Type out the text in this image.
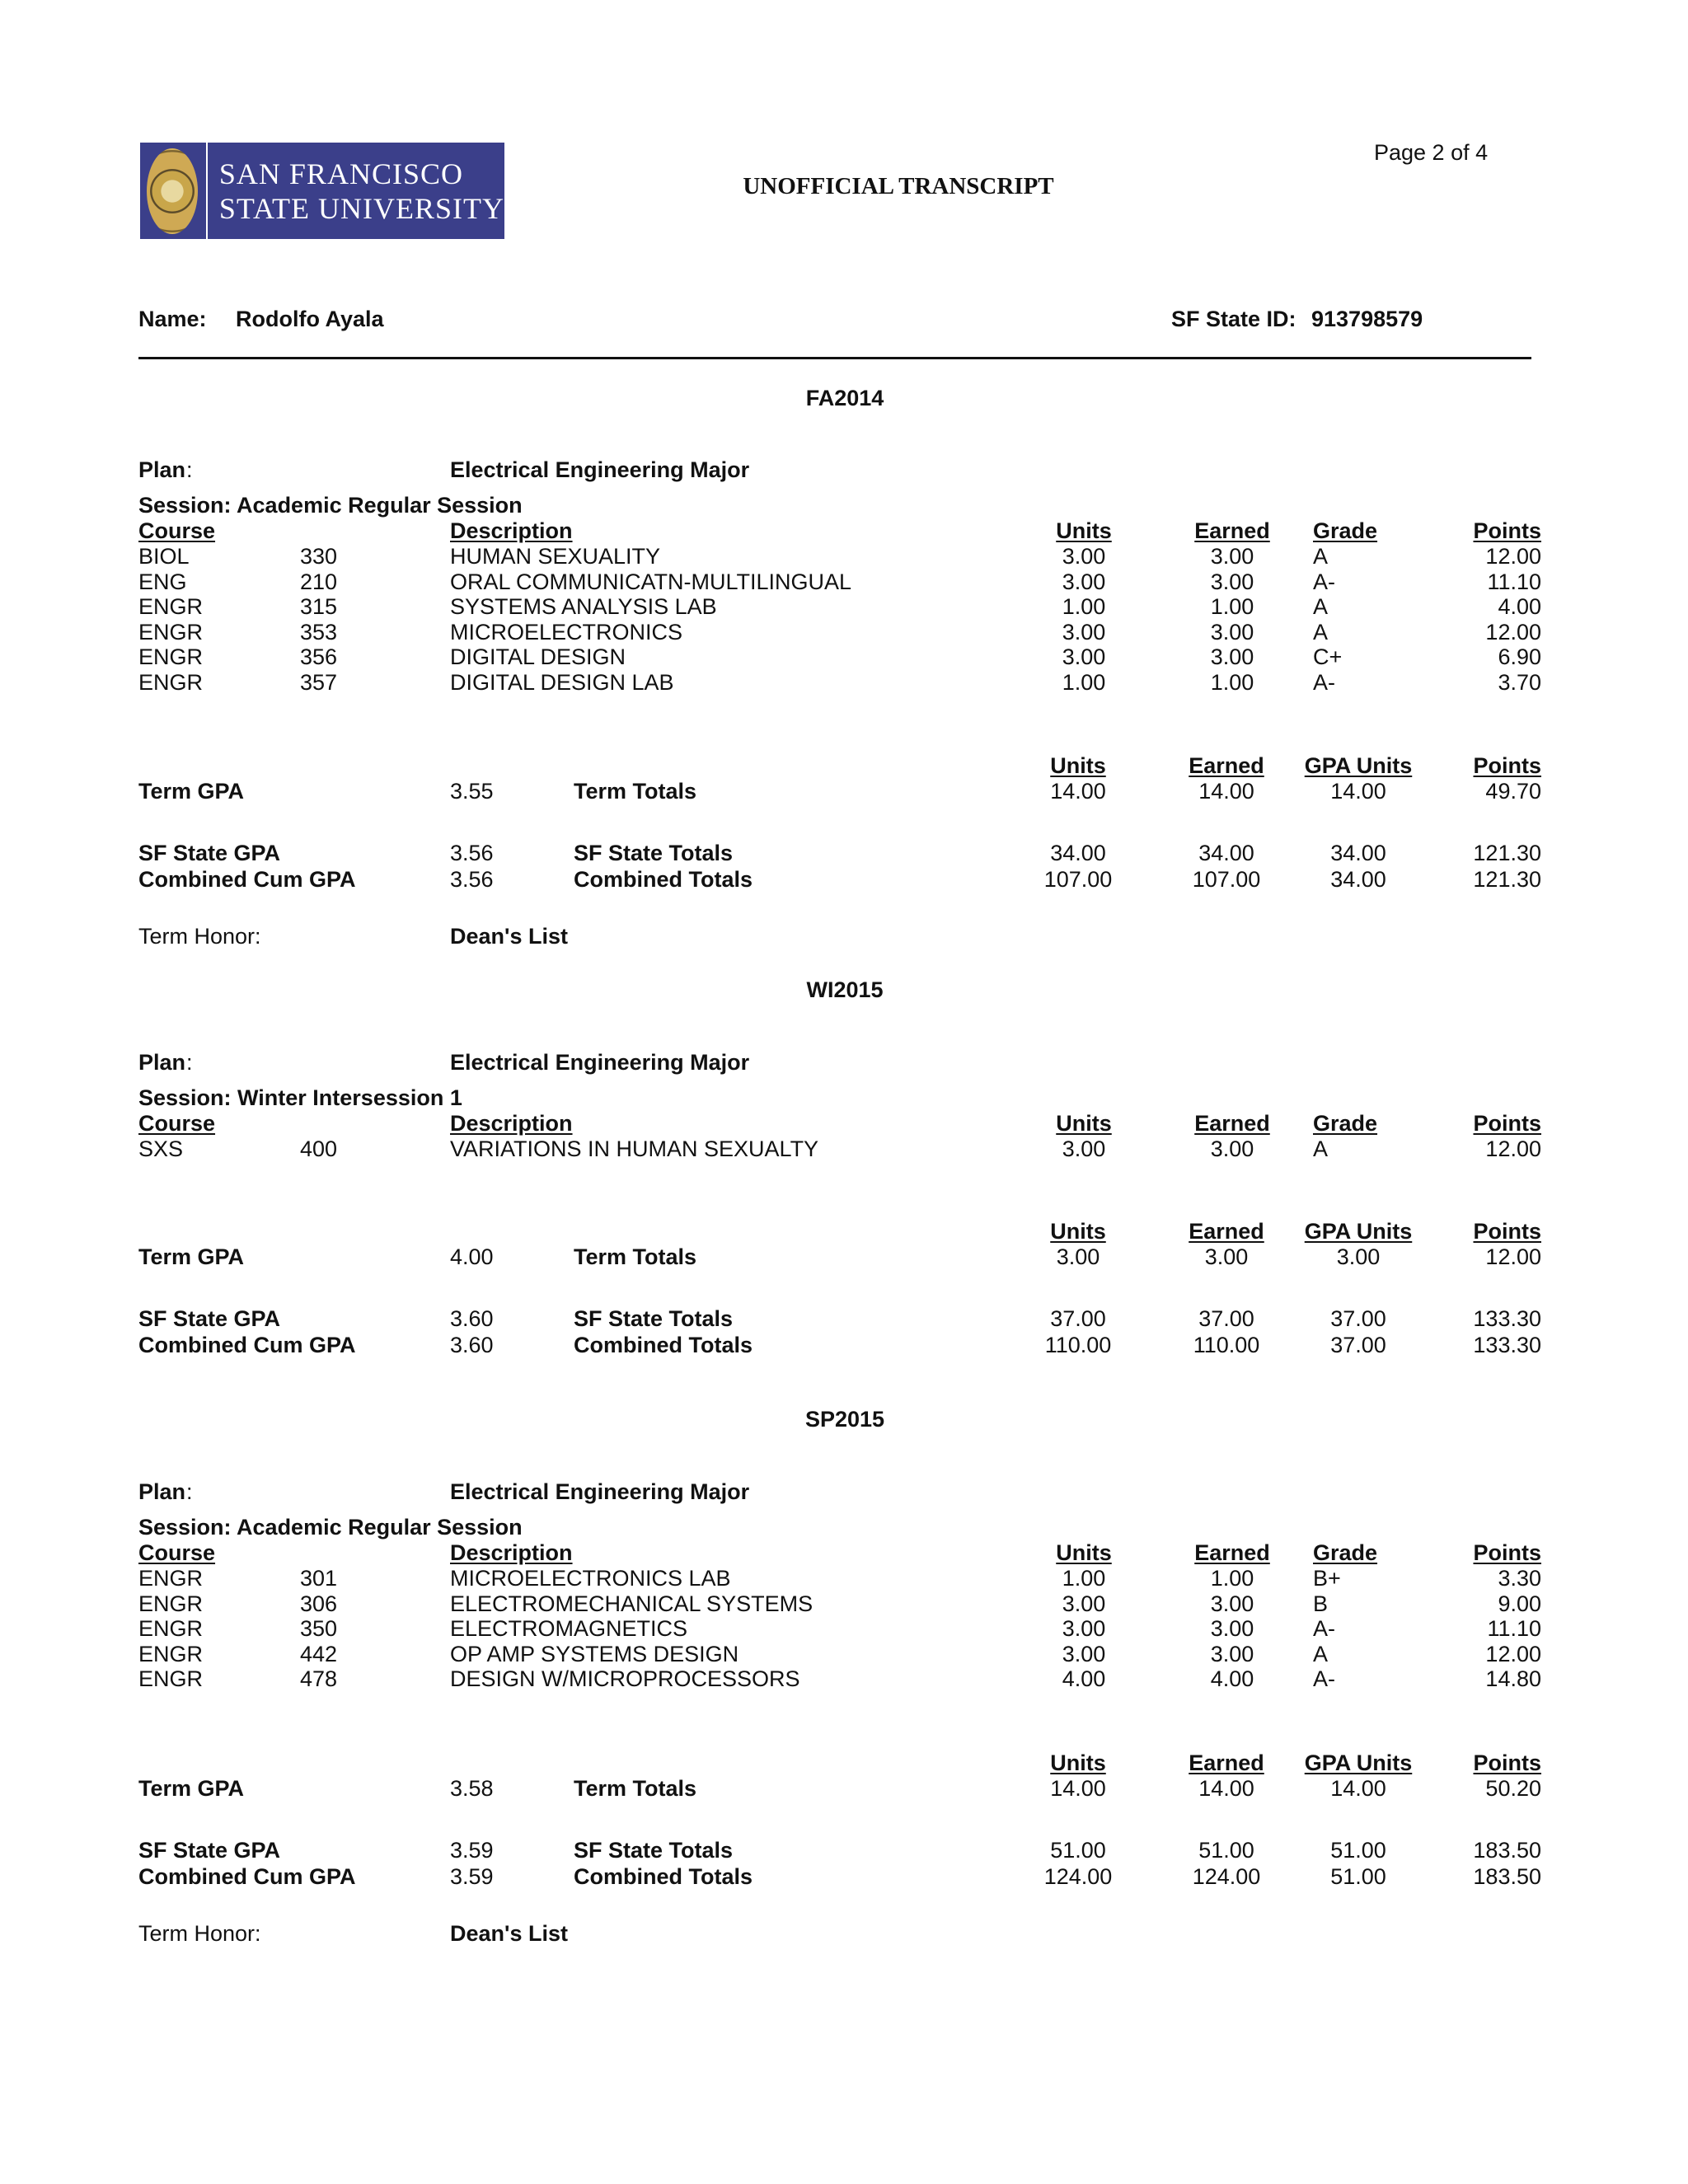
SAN FRANCISCO
STATE UNIVERSITY
UNOFFICIAL TRANSCRIPT
Page 2 of 4
Name: Rodolfo Ayala	SF State ID: 913798579
FA2014
Plan :	Electrical Engineering Major
Session: Academic Regular Session
Course	Description	Units	Earned	Grade	Points
BIOL	330	HUMAN SEXUALITY	3.00	3.00	A	12.00
ENG	210	ORAL COMMUNICATN-MULTILINGUAL	3.00	3.00	A-	11.10
ENGR	315	SYSTEMS ANALYSIS LAB	1.00	1.00	A	4.00
ENGR	353	MICROELECTRONICS	3.00	3.00	A	12.00
ENGR	356	DIGITAL DESIGN	3.00	3.00	C+	6.90
ENGR	357	DIGITAL DESIGN LAB	1.00	1.00	A-	3.70
Units	Earned	GPA Units	Points
Term GPA	3.55	Term Totals	14.00	14.00	14.00	49.70
SF State GPA	3.56	SF State Totals	34.00	34.00	34.00	121.30
Combined Cum GPA	3.56	Combined Totals	107.00	107.00	34.00	121.30
Term Honor:	Dean's List
WI2015
Plan :	Electrical Engineering Major
Session: Winter Intersession 1
Course	Description	Units	Earned	Grade	Points
SXS	400	VARIATIONS IN HUMAN SEXUALTY	3.00	3.00	A	12.00
Units	Earned	GPA Units	Points
Term GPA	4.00	Term Totals	3.00	3.00	3.00	12.00
SF State GPA	3.60	SF State Totals	37.00	37.00	37.00	133.30
Combined Cum GPA	3.60	Combined Totals	110.00	110.00	37.00	133.30
SP2015
Plan :	Electrical Engineering Major
Session: Academic Regular Session
Course	Description	Units	Earned	Grade	Points
ENGR	301	MICROELECTRONICS LAB	1.00	1.00	B+	3.30
ENGR	306	ELECTROMECHANICAL SYSTEMS	3.00	3.00	B	9.00
ENGR	350	ELECTROMAGNETICS	3.00	3.00	A-	11.10
ENGR	442	OP AMP SYSTEMS DESIGN	3.00	3.00	A	12.00
ENGR	478	DESIGN W/MICROPROCESSORS	4.00	4.00	A-	14.80
Units	Earned	GPA Units	Points
Term GPA	3.58	Term Totals	14.00	14.00	14.00	50.20
SF State GPA	3.59	SF State Totals	51.00	51.00	51.00	183.50
Combined Cum GPA	3.59	Combined Totals	124.00	124.00	51.00	183.50
Term Honor:	Dean's List
